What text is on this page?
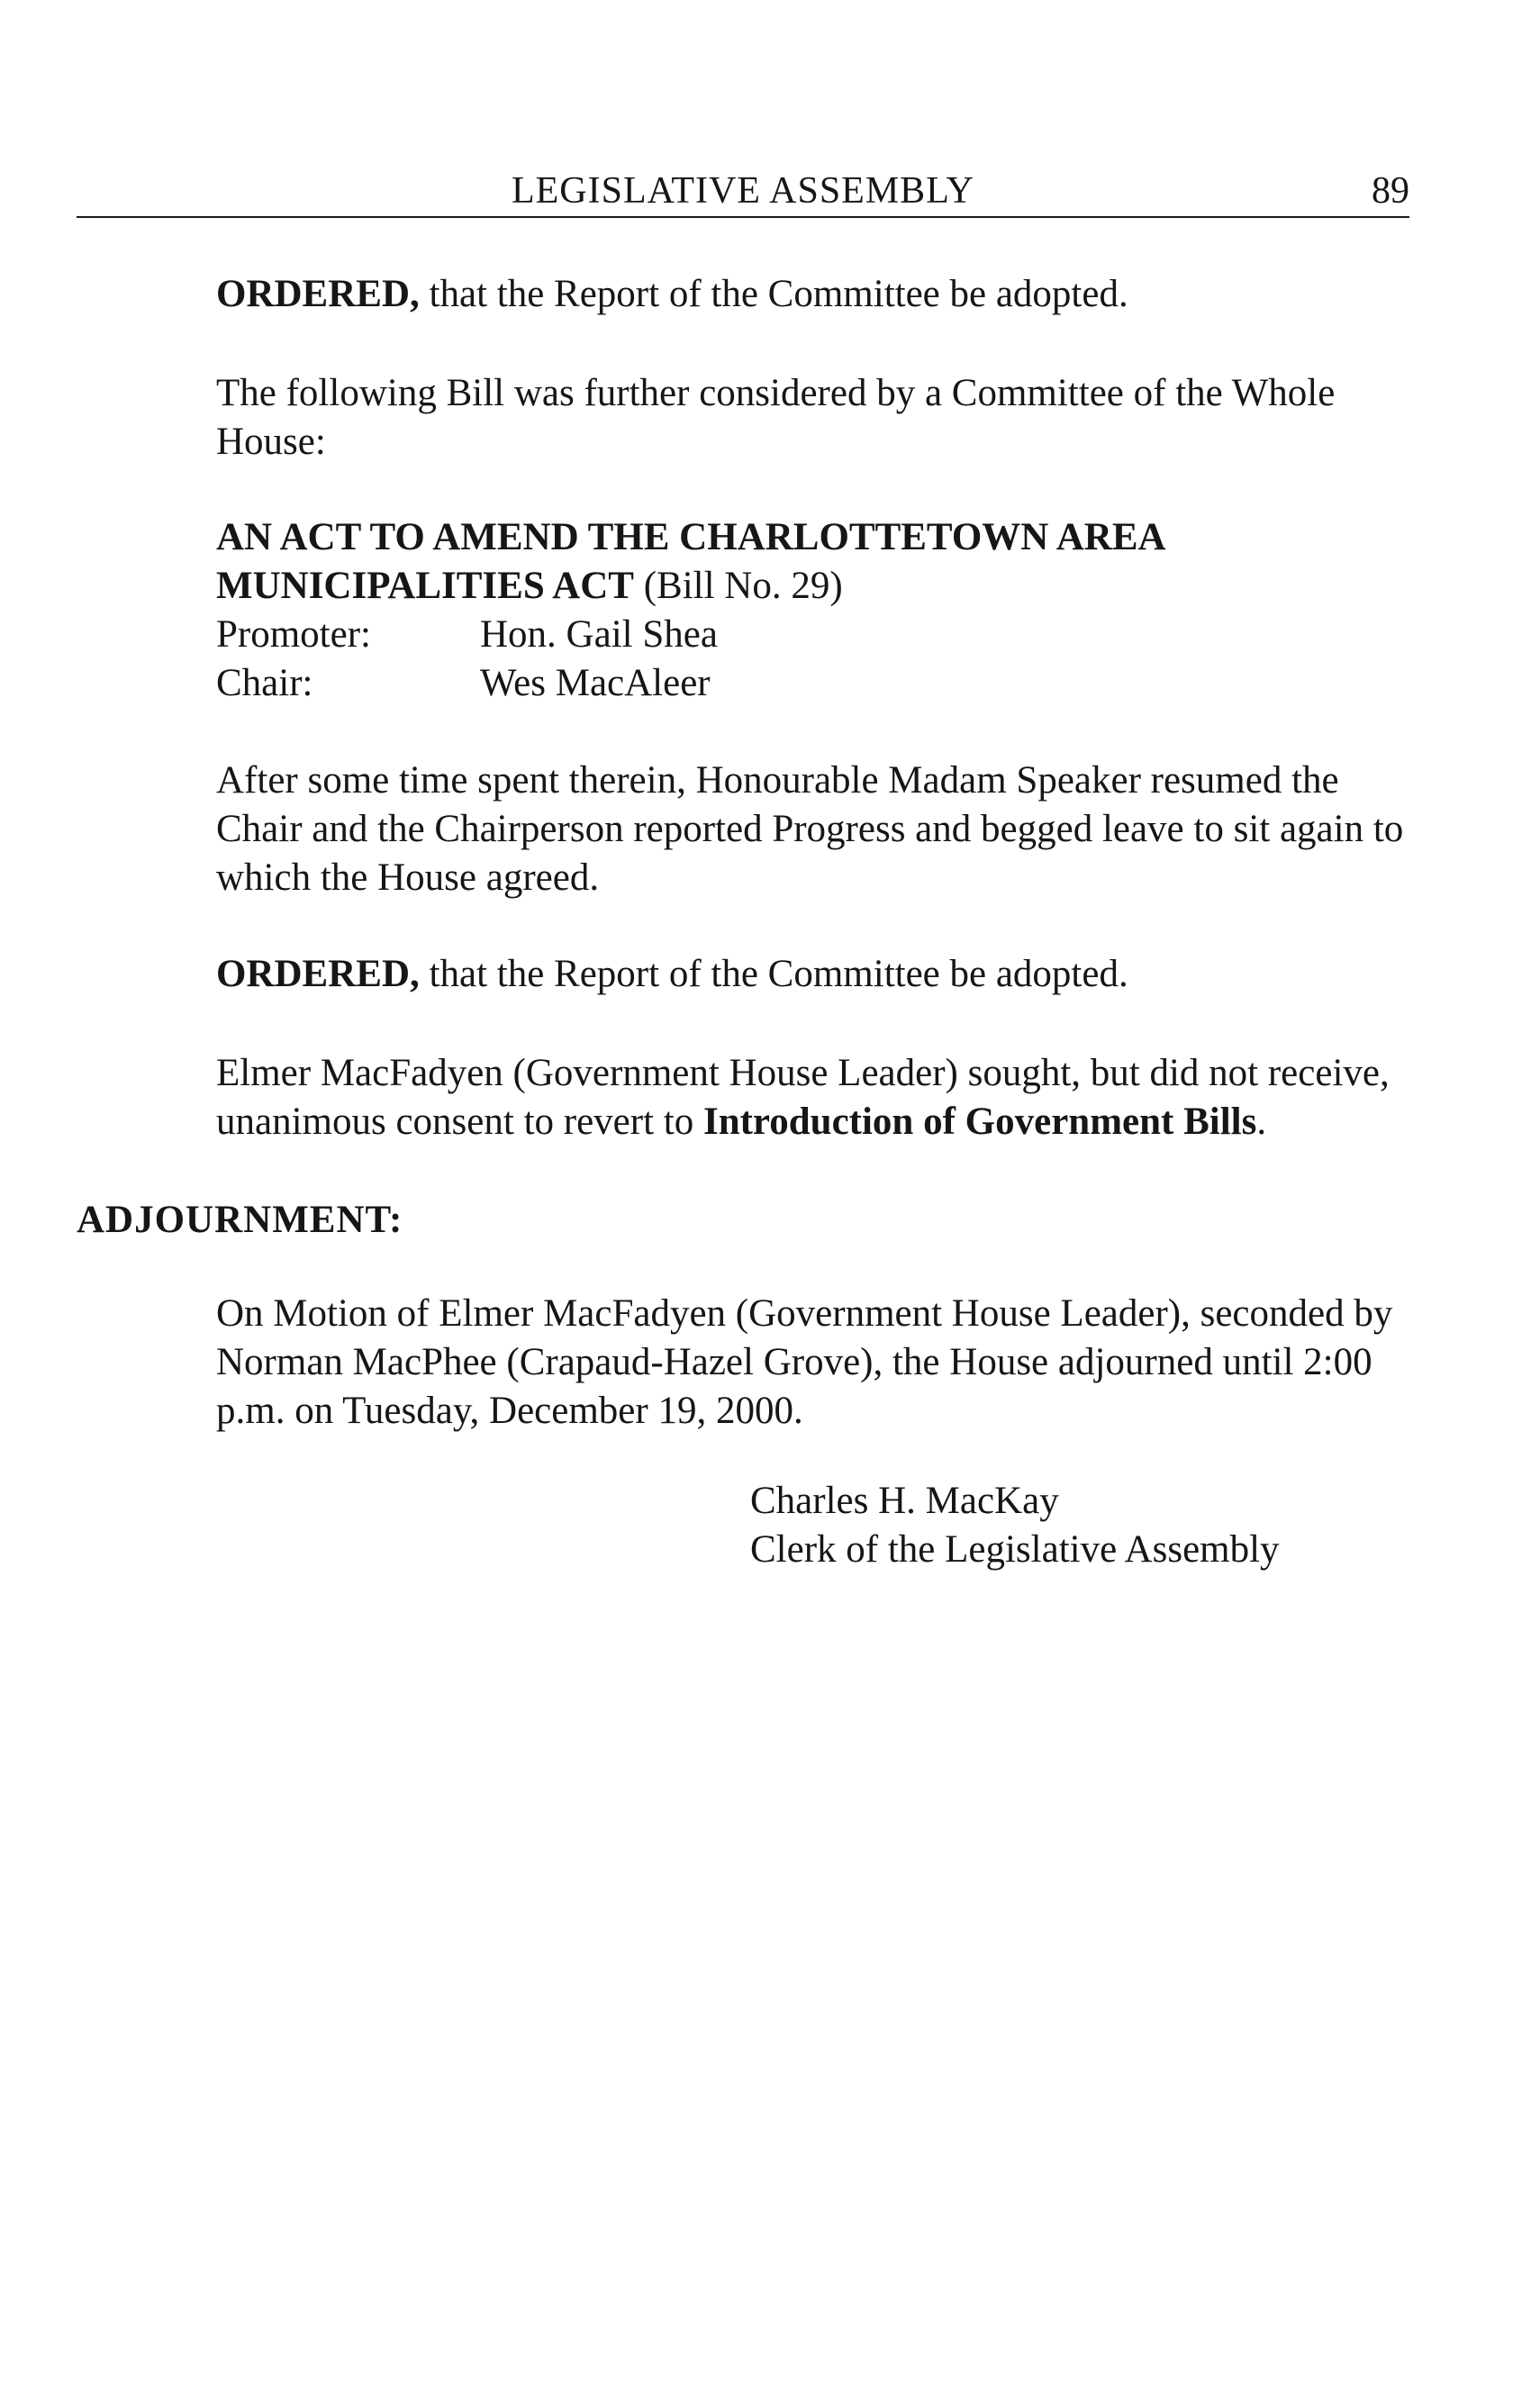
LEGISLATIVE ASSEMBLY	89
ORDERED, that the Report of the Committee be adopted.
The following Bill was further considered by a Committee of the Whole House:
AN ACT TO AMEND THE CHARLOTTETOWN AREA MUNICIPALITIES ACT (Bill No. 29)
Promoter:	Hon. Gail Shea
Chair:	Wes MacAleer
After some time spent therein, Honourable Madam Speaker resumed the Chair and the Chairperson reported Progress and begged leave to sit again to which the House agreed.
ORDERED, that the Report of the Committee be adopted.
Elmer MacFadyen (Government House Leader) sought, but did not receive, unanimous consent to revert to Introduction of Government Bills.
ADJOURNMENT:
On Motion of Elmer MacFadyen (Government House Leader), seconded by Norman MacPhee (Crapaud-Hazel Grove), the House adjourned until 2:00 p.m. on Tuesday, December 19, 2000.
Charles H. MacKay
Clerk of the Legislative Assembly
